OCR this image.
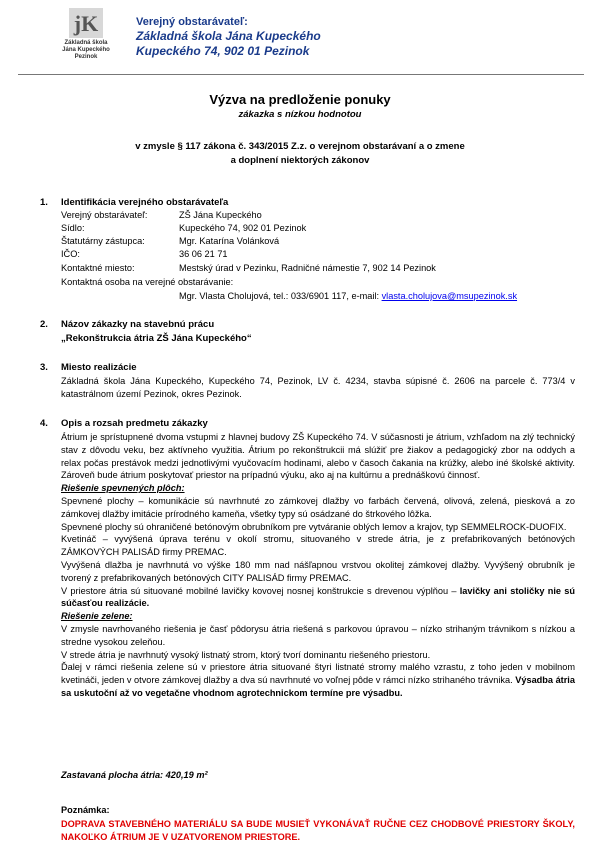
jK
Základná škola
Jána Kupeckého
Pezinok
Verejný obstarávateľ:
Základná škola Jána Kupeckého
Kupeckého 74, 902 01 Pezinok
Výzva na predloženie ponuky
zákazka s nízkou hodnotou
v zmysle § 117 zákona č. 343/2015 Z.z. o verejnom obstarávaní a o zmene
a doplnení niektorých zákonov
1. Identifikácia verejného obstarávateľa
Verejný obstarávateľ:	ZŠ Jána Kupeckého
Sídlo:	Kupeckého 74, 902 01 Pezinok
Štatutárny zástupca:	Mgr. Katarína Volánková
IČO:	36 06 21 71
Kontaktné miesto:	Mestský úrad v Pezinku, Radničné námestie 7, 902 14 Pezinok
Kontaktná osoba na verejné obstarávanie:
Mgr. Vlasta Cholujová, tel.: 033/6901 117, e-mail: vlasta.cholujova@msupezinok.sk
2. Názov zákazky na stavebnú prácu
„Rekonštrukcia átria ZŠ Jána Kupeckého“
3. Miesto realizácie
Základná škola Jána Kupeckého, Kupeckého 74, Pezinok, LV č. 4234, stavba súpisné č. 2606 na parcele č. 773/4 v katastrálnom území Pezinok, okres Pezinok.
4. Opis a rozsah predmetu zákazky
Átrium je sprístupnené dvoma vstupmi z hlavnej budovy ZŠ Kupeckého 74. V súčasnosti je átrium, vzhľadom na zlý technický stav z dôvodu veku, bez aktívneho využitia. Átrium po rekonštrukcii má slúžiť pre žiakov a pedagogický zbor na oddych a relax počas prestávok medzi jednotlivými vyučovacím hodinami, alebo v časoch čakania na krúžky, alebo iné školské aktivity. Zároveň bude átrium poskytovať priestor na prípadnú výuku, ako aj na kultúrnu a prednáškovú činnosť.
Riešenie spevnených plôch:
Spevnené plochy – komunikácie sú navrhnuté zo zámkovej dlažby vo farbách červená, olivová, zelená, piesková a zo zámkovej dlažby imitácie prírodného kameňa, všetky typy sú osádzané do štrkového lôžka.
Spevnené plochy sú ohraničené betónovým obrubníkom pre vytváranie oblých lemov a krajov, typ SEMMELROCK-DUOFIX.
Kvetináč – vyvýšená úprava terénu v okolí stromu, situovaného v strede átria, je z prefabrikovaných betónových ZÁMKOVÝCH PALISÁD firmy PREMAC.
Vyvýšená dlažba je navrhnutá vo výške 180 mm nad nášľapnou vrstvou okolitej zámkovej dlažby. Vyvýšený obrubník je tvorený z prefabrikovaných betónových CITY PALISÁD firmy PREMAC.
V priestore átria sú situované mobilné lavičky kovovej nosnej konštrukcie s drevenou výplňou – lavičky ani stoličky nie sú súčasťou realizácie.
Riešenie zelene:
V zmysle navrhovaného riešenia je časť pôdorysu átria riešená s parkovou úpravou – nízko strihaným trávnikom s nízkou a stredne vysokou zeleňou.
V strede átria je navrhnutý vysoký listnatý strom, ktorý tvorí dominantu riešeného priestoru.
Ďalej v rámci riešenia zelene sú v priestore átria situované štyri listnaté stromy malého vzrastu, z toho jeden v mobilnom kvetináči, jeden v otvore zámkovej dlažby a dva sú navrhnuté vo voľnej pôde v rámci nízko strihaného trávnika. Výsadba átria sa uskutoční až vo vegetačne vhodnom agrotechnickom termíne pre výsadbu.
Zastavaná plocha átria: 420,19 m²
Poznámka:
DOPRAVA STAVEBNÉHO MATERIÁLU SA BUDE MUSIEŤ VYKONÁVAŤ RUČNE CEZ CHODBOVÉ PRIESTORY ŠKOLY, NAKOĽKO ÁTRIUM JE V UZATVORENOM PRIESTORE.
